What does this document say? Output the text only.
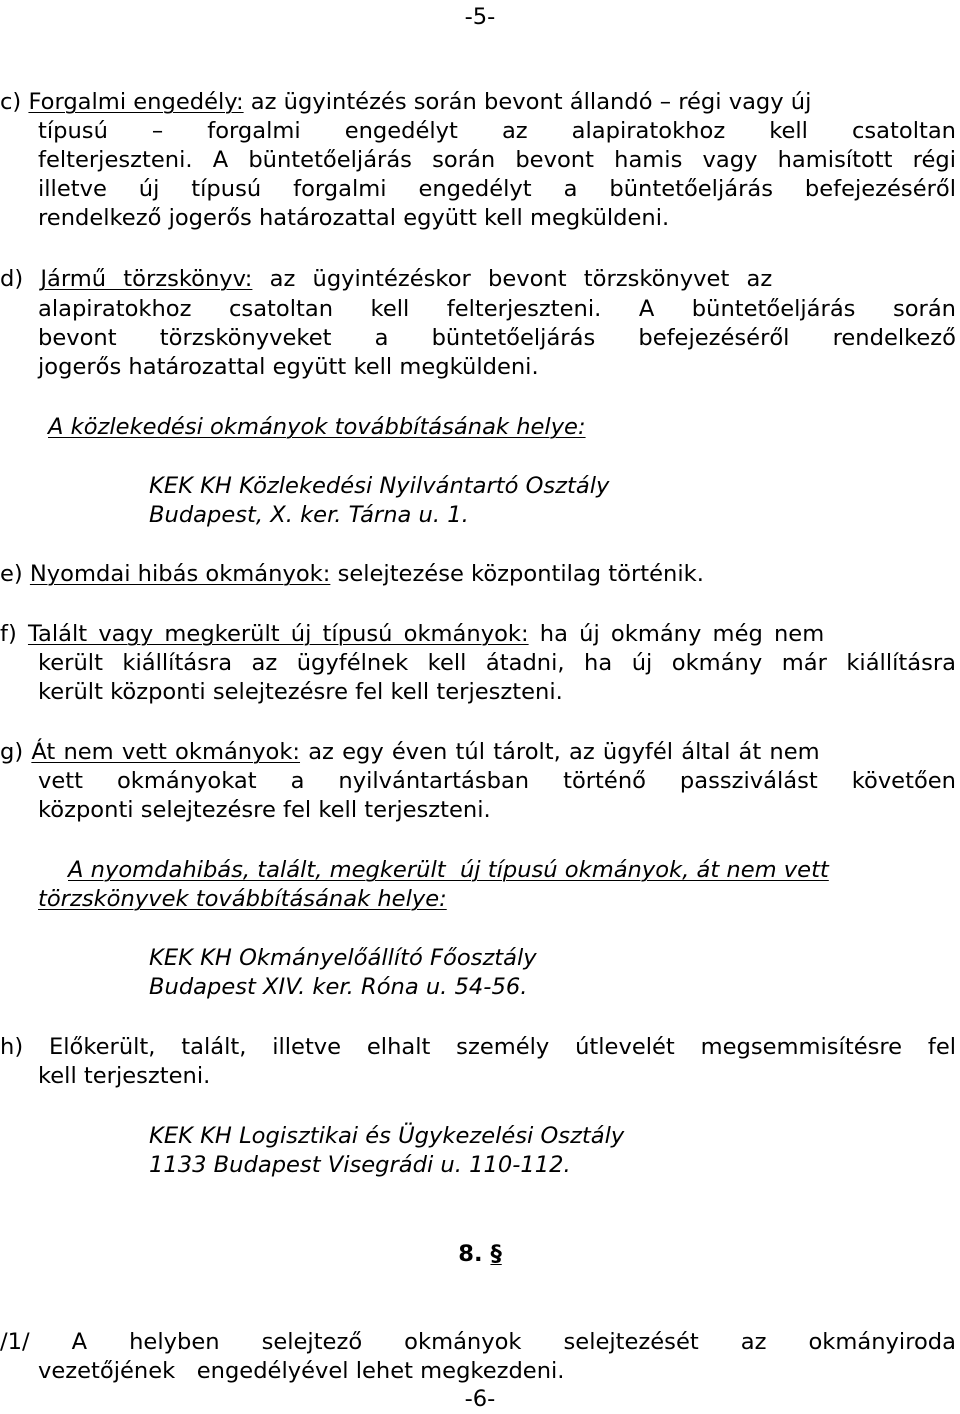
-5-
c) Forgalmi engedély: az ügyintézés során bevont állandó – régi vagy új
típusú – forgalmi engedélyt az alapiratokhoz kell csatoltan
felterjeszteni. A büntetőeljárás során bevont hamis vagy hamisított régi
illetve új típusú forgalmi engedélyt a büntetőeljárás befejezéséről
rendelkező jogerős határozattal együtt kell megküldeni.
d) Jármű törzskönyv: az ügyintézéskor bevont törzskönyvet az
alapiratokhoz csatoltan kell felterjeszteni. A büntetőeljárás során
bevont törzskönyveket a büntetőeljárás befejezéséről rendelkező
jogerős határozattal együtt kell megküldeni.
A közlekedési okmányok továbbításának helye:
KEK KH Közlekedési Nyilvántartó Osztály
Budapest, X. ker. Tárna u. 1.
e) Nyomdai hibás okmányok: selejtezése központilag történik.
f) Talált vagy megkerült új típusú okmányok: ha új okmány még nem
került kiállításra az ügyfélnek kell átadni, ha új okmány már kiállításra
került központi selejtezésre fel kell terjeszteni.
g) Át nem vett okmányok: az egy éven túl tárolt, az ügyfél által át nem
vett okmányokat a nyilvántartásban történő passziválást követően
központi selejtezésre fel kell terjeszteni.
A nyomdahibás, talált, megkerült  új típusú okmányok, át nem vett
törzskönyvek továbbításának helye:
KEK KH Okmányelőállító Főosztály
Budapest XIV. ker. Róna u. 54-56.
h) Előkerült, talált, illetve elhalt személy útlevelét megsemmisítésre fel
kell terjeszteni.
KEK KH Logisztikai és Ügykezelési Osztály
1133 Budapest Visegrádi u. 110-112.
8. §
/1/ A helyben selejtező okmányok selejtezését az okmányiroda
vezetőjének   engedélyével lehet megkezdeni.
-6-
